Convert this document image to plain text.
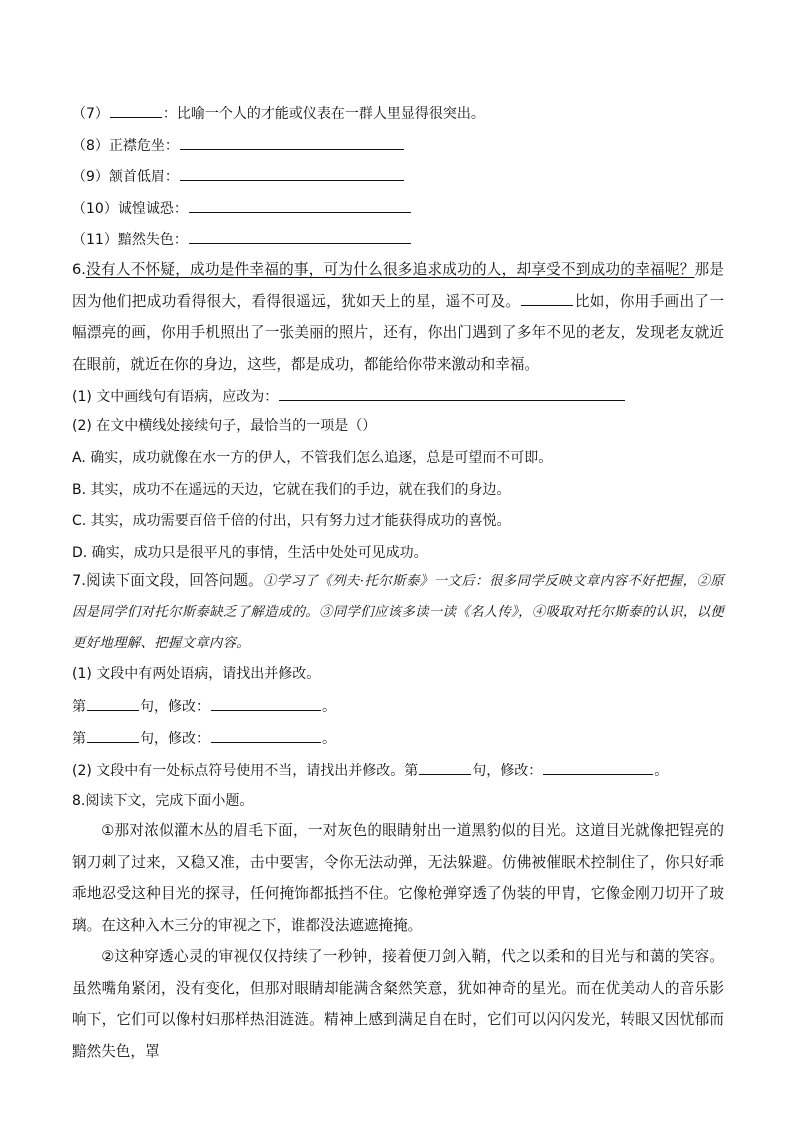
（7）	：比喻一个人的才能或仪表在一群人里显得很突出。
（8）正襟危坐：
（9）颔首低眉：
（10）诚惶诚恐：
（11）黯然失色：
6.没有人不怀疑，成功是件幸福的事，可为什么很多追求成功的人，却享受不到成功的幸福呢？那是因为他们把成功看得很大，看得很遥远，犹如天上的星，遥不可及。	比如，你用手画出了一幅漂亮的画，你用手机照出了一张美丽的照片，还有，你出门遇到了多年不见的老友，发现老友就近在眼前，就近在你的身边，这些，都是成功，都能给你带来激动和幸福。
(1) 文中画线句有语病，应改为：
(2) 在文中横线处接续句子，最恰当的一项是（）
A. 确实，成功就像在水一方的伊人，不管我们怎么追逐，总是可望而不可即。
B. 其实，成功不在遥远的天边，它就在我们的手边，就在我们的身边。
C. 其实，成功需要百倍千倍的付出，只有努力过才能获得成功的喜悦。
D. 确实，成功只是很平凡的事情，生活中处处可见成功。
7.阅读下面文段，回答问题。①学习了《列夫·托尔斯泰》一文后：很多同学反映文章内容不好把握，②原因是同学们对托尔斯泰缺乏了解造成的。③同学们应该多读一读《名人传》，④吸取对托尔斯泰的认识，以便更好地理解、把握文章内容。
(1) 文段中有两处语病，请找出并修改。
第	句，修改：	。
第	句，修改：	。
(2) 文段中有一处标点符号使用不当，请找出并修改。第	句，修改：	。
8.阅读下文，完成下面小题。
①那对浓似灌木丛的眉毛下面，一对灰色的眼睛射出一道黑豹似的目光。这道目光就像把锃亮的钢刀刺了过来，又稳又准，击中要害，令你无法动弹，无法躲避。仿佛被催眠术控制住了，你只好乖乖地忍受这种目光的探寻，任何掩饰都抵挡不住。它像枪弹穿透了伪装的甲胄，它像金刚刀切开了玻璃。在这种入木三分的审视之下，谁都没法遮遮掩掩。
②这种穿透心灵的审视仅仅持续了一秒钟，接着便刀剑入鞘，代之以柔和的目光与和蔼的笑容。虽然嘴角紧闭，没有变化，但那对眼睛却能满含粲然笑意，犹如神奇的星光。而在优美动人的音乐影响下，它们可以像村妇那样热泪涟涟。精神上感到满足自在时，它们可以闪闪发光，转眼又因忧郁而黯然失色，罩
